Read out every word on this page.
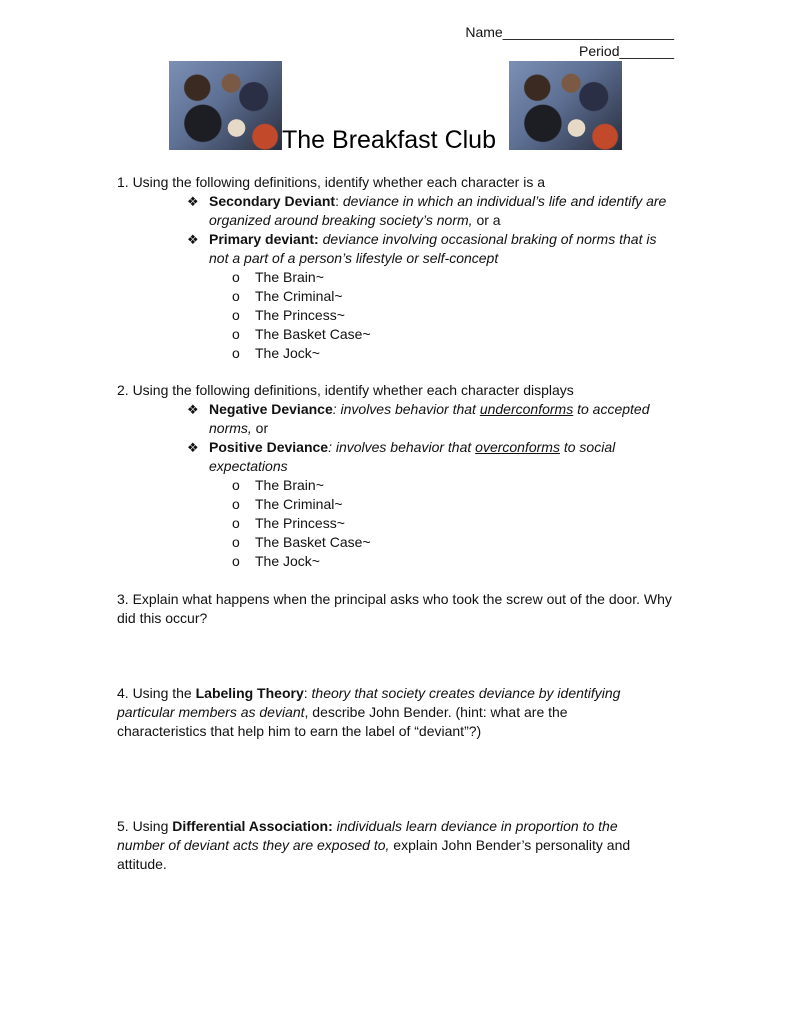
Name______________________
Period_______
The Breakfast Club
1. Using the following definitions, identify whether each character is a
❖ Secondary Deviant: deviance in which an individual’s life and identify are organized around breaking society’s norm, or a
❖ Primary deviant: deviance involving occasional braking of norms that is not a part of a person’s lifestyle or self-concept
o	The Brain~
o	The Criminal~
o	The Princess~
o	The Basket Case~
o	The Jock~
2. Using the following definitions, identify whether each character displays
❖ Negative Deviance: involves behavior that underconforms to accepted norms, or
❖ Positive Deviance: involves behavior that overconforms to social expectations
o	The Brain~
o	The Criminal~
o	The Princess~
o	The Basket Case~
o	The Jock~
3. Explain what happens when the principal asks who took the screw out of the door. Why did this occur?
4. Using the Labeling Theory: theory that society creates deviance by identifying particular members as deviant, describe John Bender. (hint: what are the characteristics that help him to earn the label of “deviant”?)
5. Using Differential Association: individuals learn deviance in proportion to the number of deviant acts they are exposed to, explain John Bender’s personality and attitude.
